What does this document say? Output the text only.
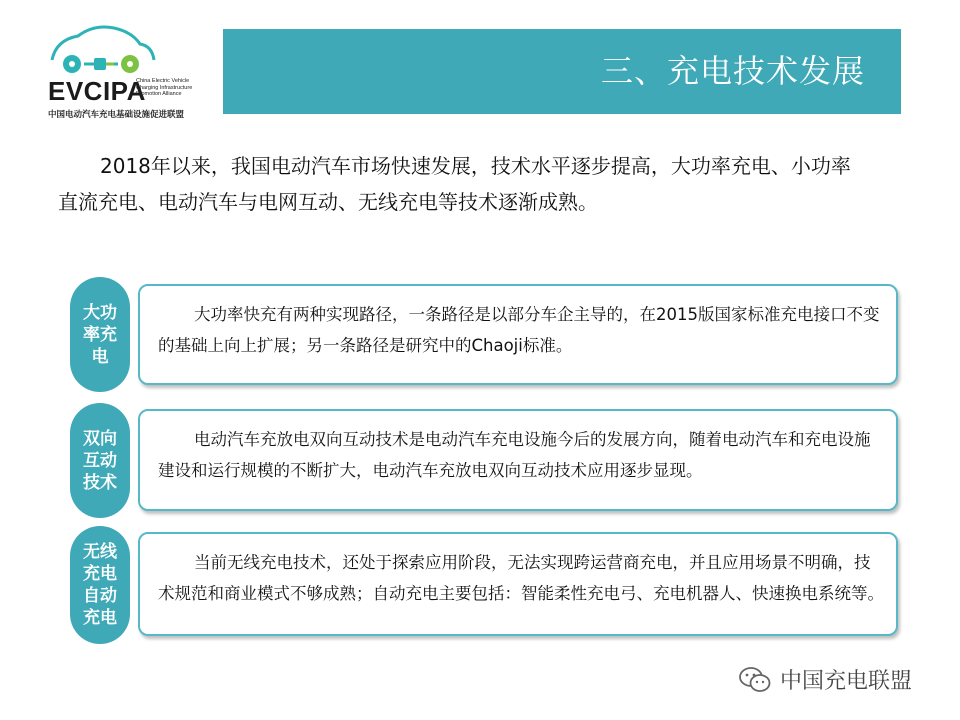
EVCIPA
China Electric Vehicle
Charging Infrastructure
Promotion Alliance
中国电动汽车充电基础设施促进联盟
三、充电技术发展
2018年以来，我国电动汽车市场快速发展，技术水平逐步提高，大功率充电、小功率
直流充电、电动汽车与电网互动、无线充电等技术逐渐成熟。
大功率充电

大功率快充有两种实现路径，一条路径是以部分车企主导的，在2015版国家标准充电接口不变的基础上向上扩展；另一条路径是研究中的Chaoji标准。

双向互动技术

电动汽车充放电双向互动技术是电动汽车充电设施今后的发展方向，随着电动汽车和充电设施建设和运行规模的不断扩大，电动汽车充放电双向互动技术应用逐步显现。

无线充电自动充电

当前无线充电技术，还处于探索应用阶段，无法实现跨运营商充电，并且应用场景不明确，技术规范和商业模式不够成熟；自动充电主要包括：智能柔性充电弓、充电机器人、快速换电系统等。

中国充电联盟
